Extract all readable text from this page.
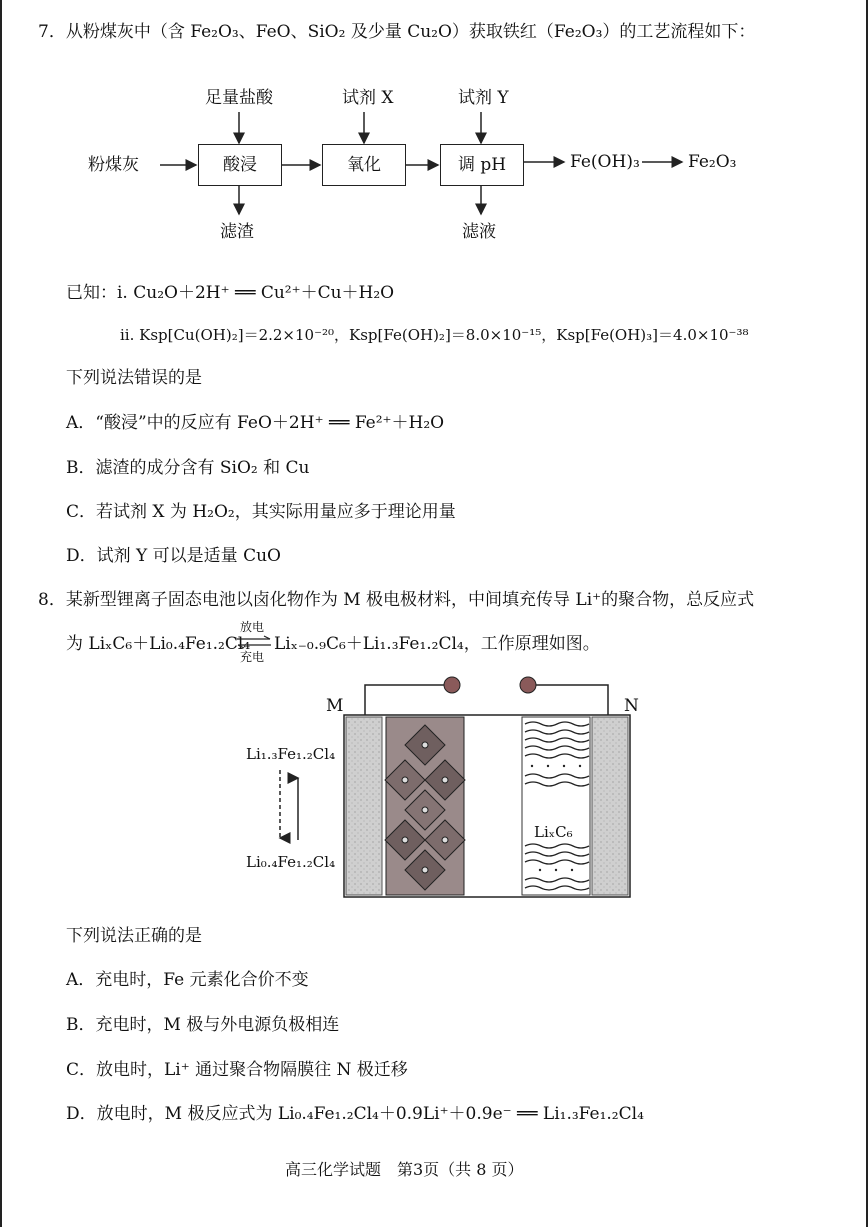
7．从粉煤灰中（含 Fe₂O₃、FeO、SiO₂ 及少量 Cu₂O）获取铁红（Fe₂O₃）的工艺流程如下：
粉煤灰	酸浸	氧化	调 pH
足量盐酸	试剂 X	试剂 Y
滤渣	滤液
Fe(OH)₃	Fe₂O₃
已知：i. Cu₂O＋2H⁺ ══ Cu²⁺＋Cu＋H₂O
ii. Ksp[Cu(OH)₂]＝2.2×10⁻²⁰，Ksp[Fe(OH)₂]＝8.0×10⁻¹⁵，Ksp[Fe(OH)₃]＝4.0×10⁻³⁸
下列说法错误的是
A．“酸浸”中的反应有 FeO＋2H⁺ ══ Fe²⁺＋H₂O
B．滤渣的成分含有 SiO₂ 和 Cu
C．若试剂 X 为 H₂O₂，其实际用量应多于理论用量
D．试剂 Y 可以是适量 CuO
8．某新型锂离子固态电池以卤化物作为 M 极电极材料，中间填充传导 Li⁺的聚合物，总反应式
为 LiₓC₆＋Li₀.₄Fe₁.₂Cl₄
放电
充电
Liₓ₋₀.₉C₆＋Li₁.₃Fe₁.₂Cl₄，工作原理如图。
M	N
Li₁.₃Fe₁.₂Cl₄
Li₀.₄Fe₁.₂Cl₄
LiₓC₆
下列说法正确的是
A．充电时，Fe 元素化合价不变
B．充电时，M 极与外电源负极相连
C．放电时，Li⁺ 通过聚合物隔膜往 N 极迁移
D．放电时，M 极反应式为 Li₀.₄Fe₁.₂Cl₄＋0.9Li⁺＋0.9e⁻ ══ Li₁.₃Fe₁.₂Cl₄
高三化学试题　第3页（共 8 页）
